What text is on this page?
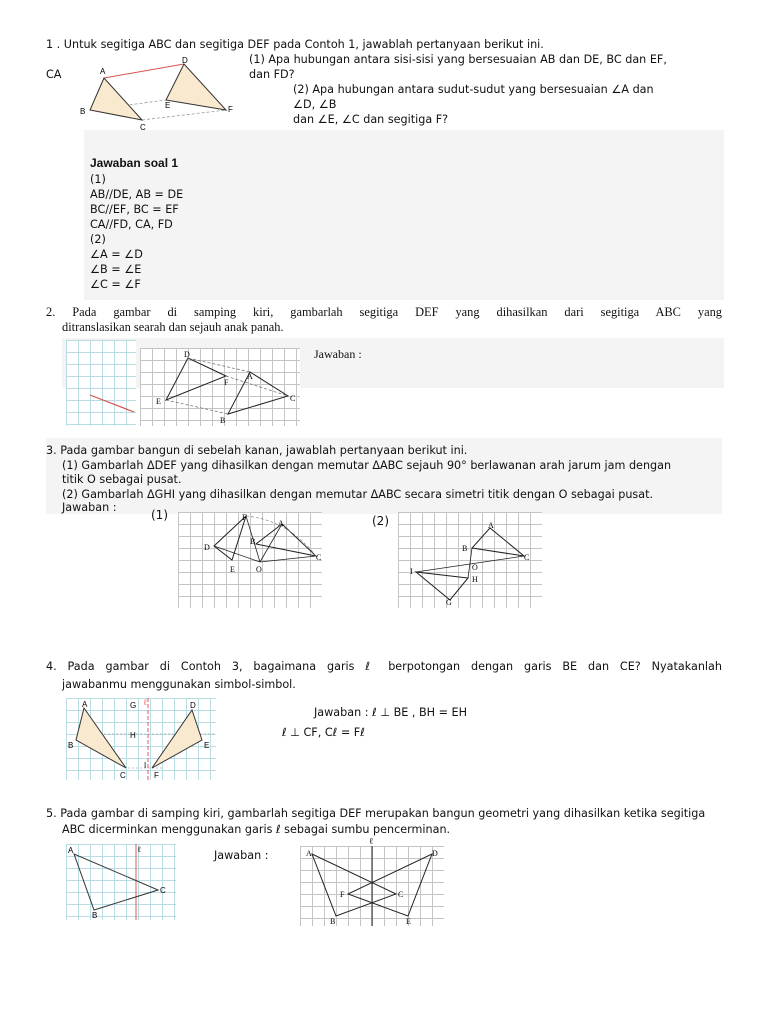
1 . Untuk segitiga ABC dan segitiga DEF pada Contoh 1, jawablah pertanyaan berikut ini.
CA
(1) Apa hubungan antara sisi-sisi yang bersesuaian AB dan DE, BC dan EF,
dan FD?
(2) Apa hubungan antara sudut-sudut yang bersesuaian ∠A dan
∠D, ∠B
dan ∠E, ∠C dan segitiga F?
A
B
C
D
E	F
Jawaban soal 1
(1)
AB//DE, AB = DE
BC//EF, BC = EF
CA//FD, CA, FD
(2)
∠A = ∠D
∠B = ∠E
∠C = ∠F
2. Pada gambar di samping kiri, gambarlah segitiga DEF yang dihasilkan dari segitiga ABC yang
ditranslasikan searah dan sejauh anak panah.
D
E
F
A
B
C
Jawaban :
3. Pada gambar bangun di sebelah kanan, jawablah pertanyaan berikut ini.
(1) Gambarlah ΔDEF yang dihasilkan dengan memutar ΔABC sejauh 90° berlawanan arah jarum jam dengan
titik O sebagai pusat.
(2) Gambarlah ΔGHI yang dihasilkan dengan memutar ΔABC secara simetri titik dengan O sebagai pusat.
Jawaban :
(1)	(2)
F
A
B
D
C
E	O
A
B
C
O
H
I
G
4. Pada gambar di Contoh 3, bagaimana garis ℓ berpotongan dengan garis BE dan CE? Nyatakanlah
jawabanmu menggunakan simbol-simbol.
A
B
C
D
E
F
G
H
I
ℓ
Jawaban : ℓ ⊥ BE , BH = EH
ℓ ⊥ CF, Cℓ = Fℓ
5. Pada gambar di samping kiri, gambarlah segitiga DEF merupakan bangun geometri yang dihasilkan ketika segitiga
ABC dicerminkan menggunakan garis ℓ sebagai sumbu pencerminan.
A
B
C
ℓ	Jawaban :	A
B
C
D
E
F
ℓ
